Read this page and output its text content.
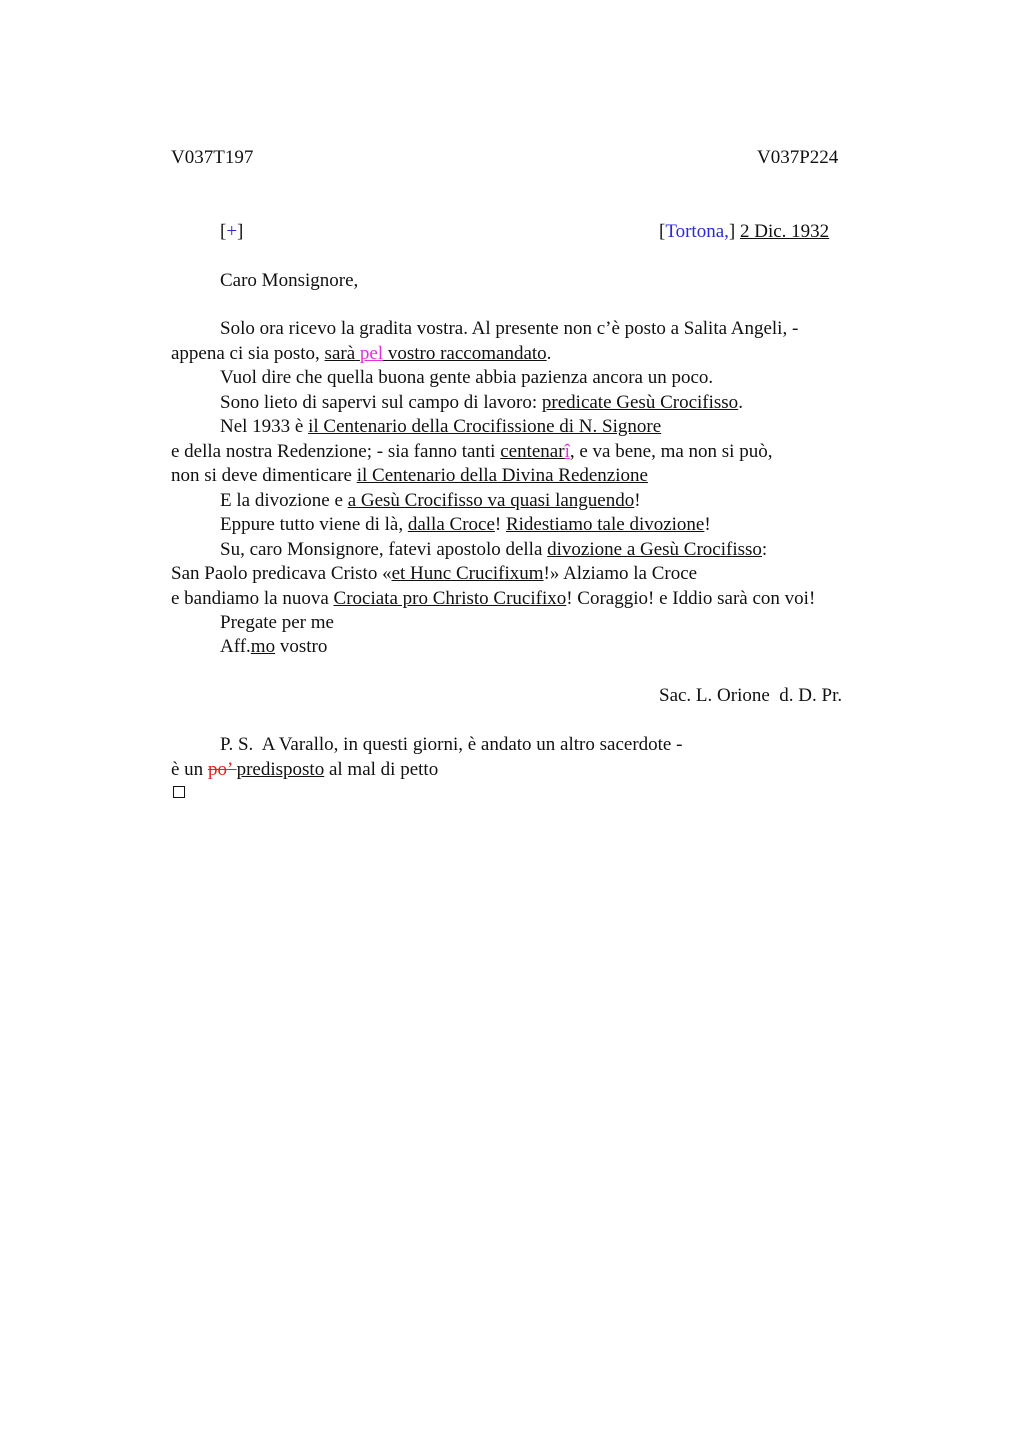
V037T197	V037P224
[+]	[Tortona,] 2 Dic. 1932
Caro Monsignore,
Solo ora ricevo la gradita vostra. Al presente non c’è posto a Salita Angeli, -
appena ci sia posto, sarà pel vostro raccomandato.
Vuol dire che quella buona gente abbia pazienza ancora un poco.
Sono lieto di sapervi sul campo di lavoro: predicate Gesù Crocifisso.
Nel 1933 è il Centenario della Crocifissione di N. Signore
e della nostra Redenzione; - sia fanno tanti centenarî, e va bene, ma non si può,
non si deve dimenticare il Centenario della Divina Redenzione
E la divozione e a Gesù Crocifisso va quasi languendo!
Eppure tutto viene di là, dalla Croce! Ridestiamo tale divozione!
Su, caro Monsignore, fatevi apostolo della divozione a Gesù Crocifisso:
San Paolo predicava Cristo «et Hunc Crucifixum!» Alziamo la Croce
e bandiamo la nuova Crociata pro Christo Crucifixo! Coraggio! e Iddio sarà con voi!
Pregate per me
Aff.mo vostro
Sac. L. Orione  d. D. Pr.
P. S.  A Varallo, in questi giorni, è andato un altro sacerdote -
è un po’ predisposto al mal di petto
